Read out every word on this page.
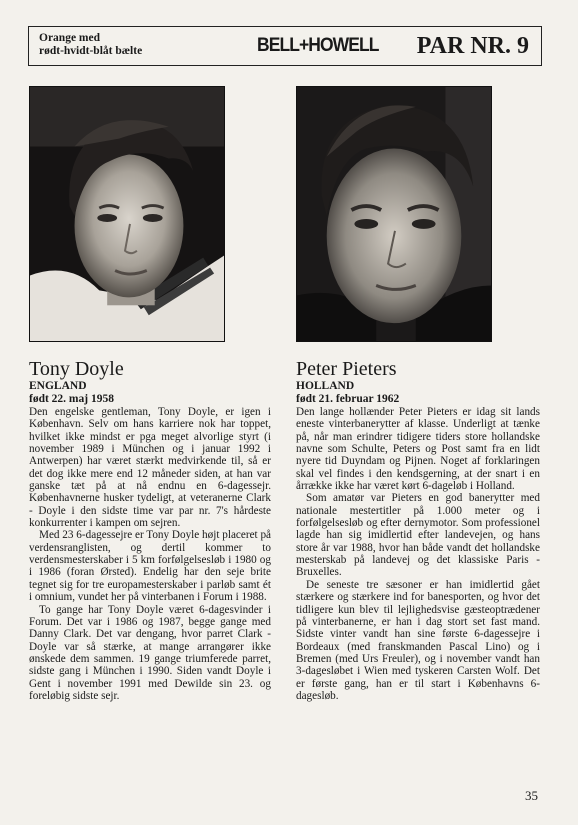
Orange med
rødt-hvidt-blåt bælte	BELL+HOWELL PAR NR. 9
Tony Doyle
ENGLAND
født 22. maj 1958

Den engelske gentleman, Tony Doyle, er igen i København. Selv om hans karriere nok har toppet, hvilket ikke mindst er pga meget alvorlige styrt (i november 1989 i München og i januar 1992 i Antwerpen) har været stærkt medvirkende til, så er det dog ikke mere end 12 måneder siden, at han var ganske tæt på at nå endnu en 6-dagessejr. Københavnerne husker tydeligt, at veteranerne Clark - Doyle i den sidste time var par nr. 7's hårdeste konkurrenter i kampen om sejren.

Med 23 6-dagessejre er Tony Doyle højt placeret på verdensranglisten, og dertil kommer to verdensmesterskaber i 5 km forfølgelsesløb i 1980 og i 1986 (foran Ørsted). Endelig har den seje brite tegnet sig for tre europamesterskaber i parløb samt ét i omnium, vundet her på vinterbanen i Forum i 1988.

To gange har Tony Doyle været 6-dagesvinder i Forum. Det var i 1986 og 1987, begge gange med Danny Clark. Det var dengang, hvor parret Clark - Doyle var så stærke, at mange arrangører ikke ønskede dem sammen. 19 gange triumferede parret, sidste gang i München i 1990. Siden vandt Doyle i Gent i november 1991 med Dewilde sin 23. og foreløbig sidste sejr.

Peter Pieters
HOLLAND
født 21. februar 1962

Den lange hollænder Peter Pieters er idag sit lands eneste vinterbanerytter af klasse. Underligt at tænke på, når man erindrer tidigere tiders store hollandske navne som Schulte, Peters og Post samt fra en lidt nyere tid Duyndam og Pijnen. Noget af forklaringen skal vel findes i den kendsgerning, at der snart i en årrække ikke har været kørt 6-dageløb i Holland.

Som amatør var Pieters en god banerytter med nationale mestertitler på 1.000 meter og i forfølgelsesløb og efter dernymotor. Som professionel lagde han sig imidlertid efter landevejen, og hans store år var 1988, hvor han både vandt det hollandske mesterskab på landevej og det klassiske Paris - Bruxelles.

De seneste tre sæsoner er han imidlertid gået stærkere og stærkere ind for banesporten, og hvor det tidligere kun blev til lejlighedsvise gæsteoptrædener på vinterbanerne, er han i dag stort set fast mand. Sidste vinter vandt han sine første 6-dagessejre i Bordeaux (med franskmanden Pascal Lino) og i Bremen (med Urs Freuler), og i november vandt han 3-dagesløbet i Wien med tyskeren Carsten Wolf. Det er første gang, han er til start i Københavns 6-dagesløb.

35
